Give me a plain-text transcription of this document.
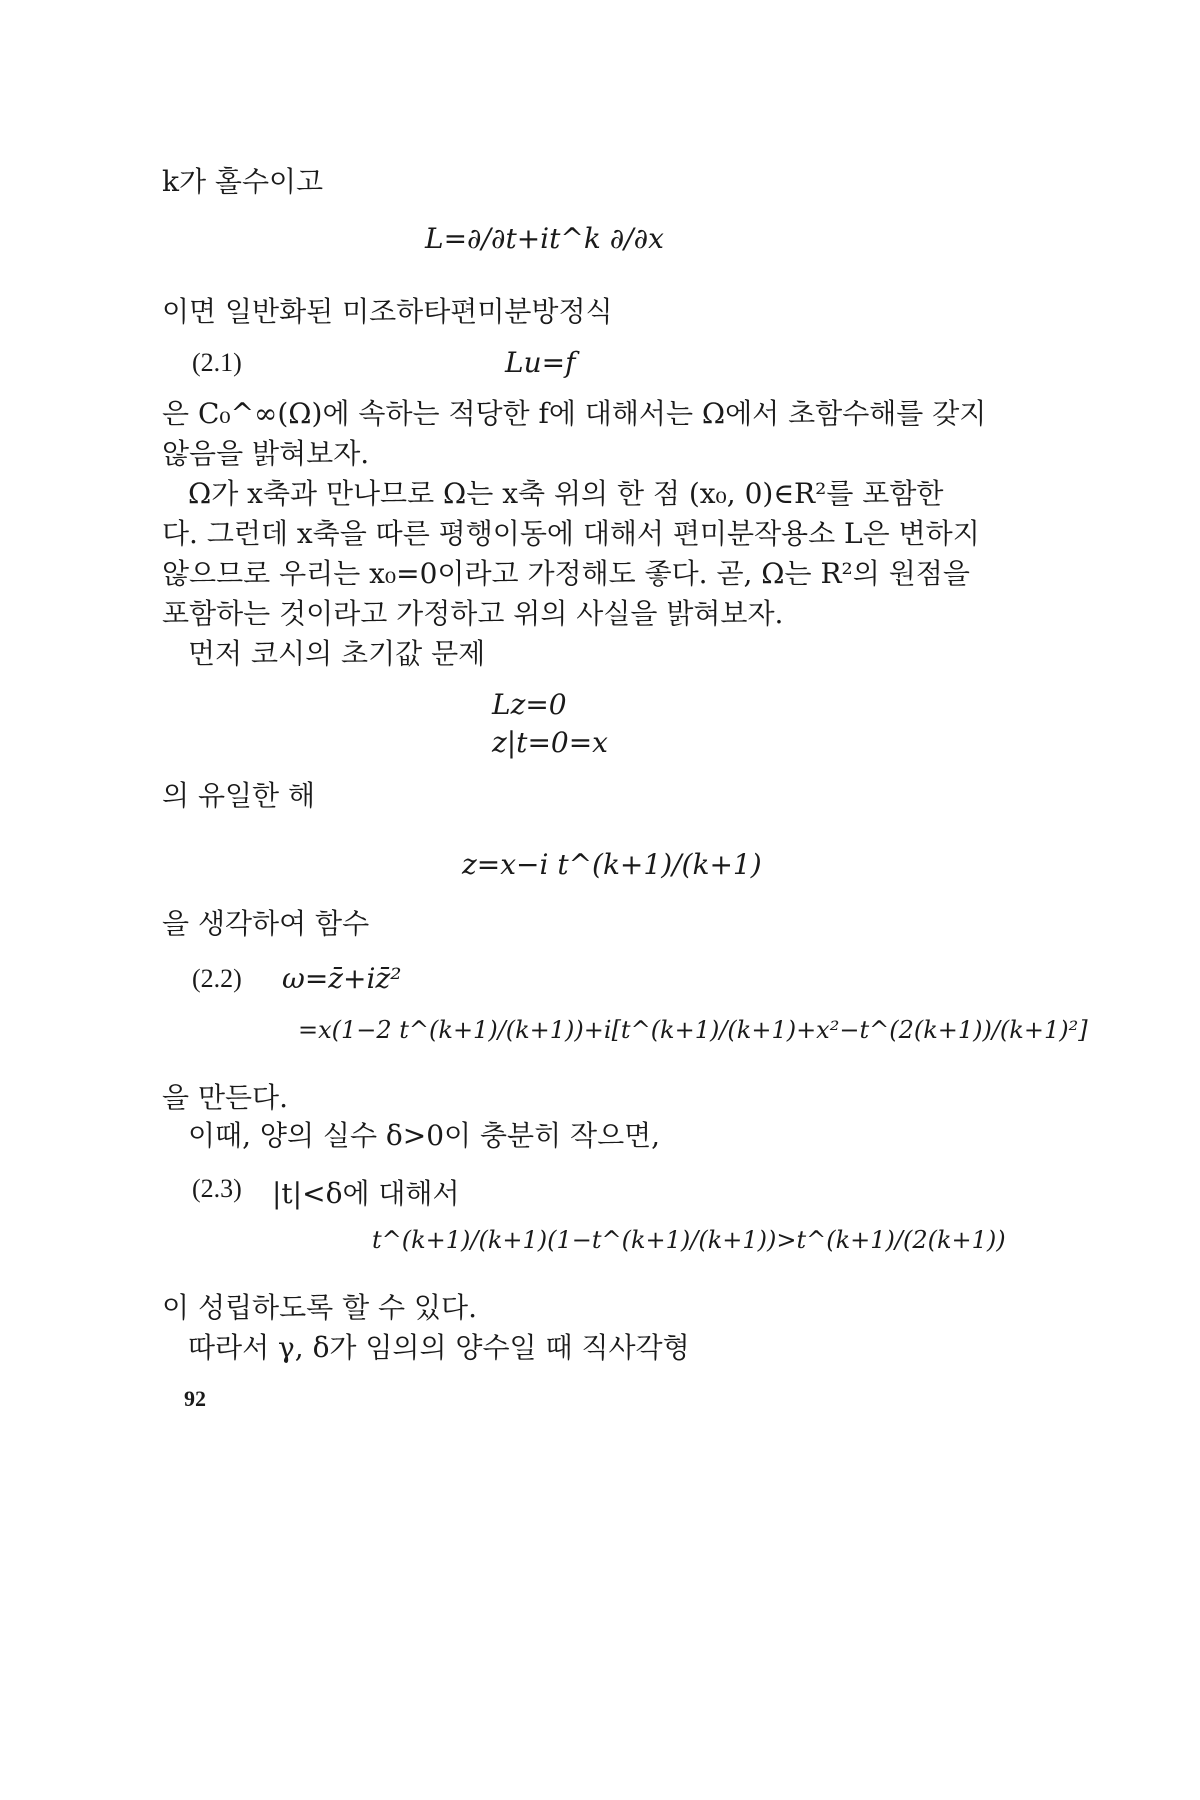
k가 홀수이고
L=∂/∂t+it^k ∂/∂x
이면 일반화된 미조하타편미분방정식
(2.1)	Lu=f
은 C₀^∞(Ω)에 속하는 적당한 f에 대해서는 Ω에서 초함수해를 갖지
않음을 밝혀보자.
Ω가 x축과 만나므로 Ω는 x축 위의 한 점 (x₀, 0)∈R²를 포함한
다. 그런데 x축을 따른 평행이동에 대해서 편미분작용소 L은 변하지
않으므로 우리는 x₀=0이라고 가정해도 좋다. 곧, Ω는 R²의 원점을
포함하는 것이라고 가정하고 위의 사실을 밝혀보자.
먼저 코시의 초기값 문제
Lz=0
z|t=0=x
의 유일한 해
z=x−i t^(k+1)/(k+1)
을 생각하여 함수
(2.2) ω=z̄+iz̄²
=x(1−2 t^(k+1)/(k+1))+i[t^(k+1)/(k+1)+x²−t^(2(k+1))/(k+1)²]
을 만든다.
이때, 양의 실수 δ>0이 충분히 작으면,
(2.3) |t|<δ에 대해서
t^(k+1)/(k+1)(1−t^(k+1)/(k+1))>t^(k+1)/(2(k+1))
이 성립하도록 할 수 있다.
따라서 γ, δ가 임의의 양수일 때 직사각형
92
